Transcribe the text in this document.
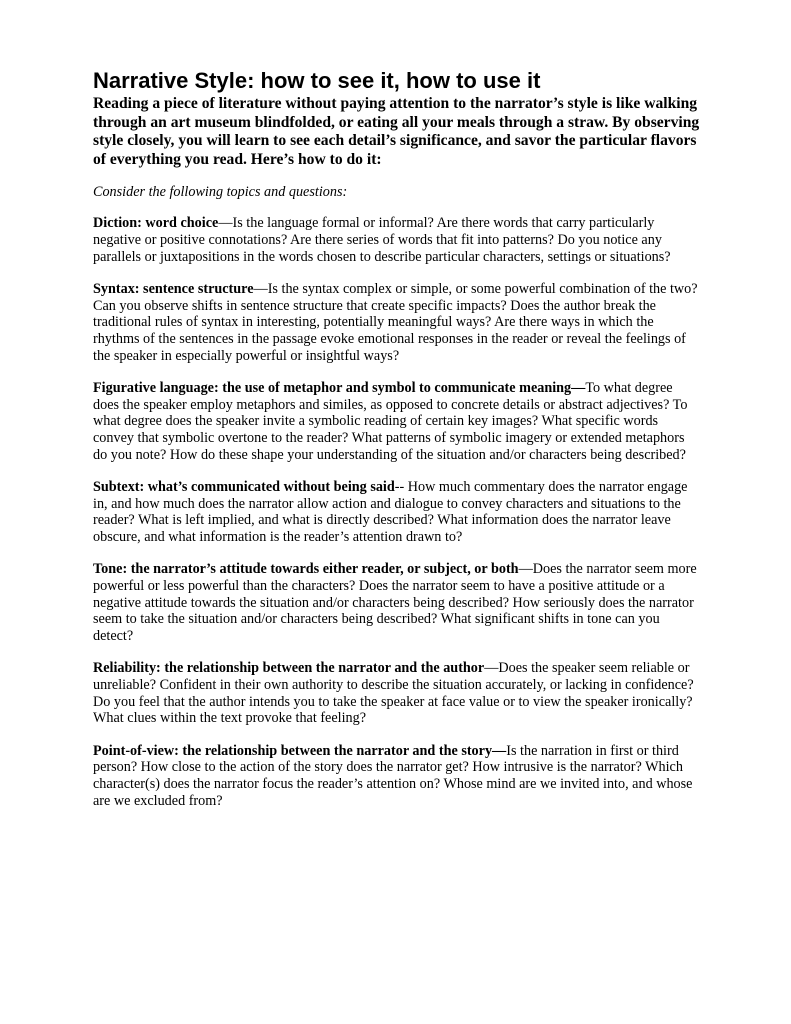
Narrative Style: how to see it, how to use it

Reading a piece of literature without paying attention to the narrator’s style is like walking through an art museum blindfolded, or eating all your meals through a straw. By observing style closely, you will learn to see each detail’s significance, and savor the particular flavors of everything you read. Here’s how to do it:

Consider the following topics and questions:

Diction: word choice—Is the language formal or informal? Are there words that carry particularly negative or positive connotations? Are there series of words that fit into patterns? Do you notice any parallels or juxtapositions in the words chosen to describe particular characters, settings or situations?

Syntax: sentence structure—Is the syntax complex or simple, or some powerful combination of the two? Can you observe shifts in sentence structure that create specific impacts? Does the author break the traditional rules of syntax in interesting, potentially meaningful ways? Are there ways in which the rhythms of the sentences in the passage evoke emotional responses in the reader or reveal the feelings of the speaker in especially powerful or insightful ways?

Figurative language: the use of metaphor and symbol to communicate meaning—To what degree does the speaker employ metaphors and similes, as opposed to concrete details or abstract adjectives? To what degree does the speaker invite a symbolic reading of certain key images? What specific words convey that symbolic overtone to the reader? What patterns of symbolic imagery or extended metaphors do you note? How do these shape your understanding of the situation and/or characters being described?

Subtext: what’s communicated without being said-- How much commentary does the narrator engage in, and how much does the narrator allow action and dialogue to convey characters and situations to the reader? What is left implied, and what is directly described? What information does the narrator leave obscure, and what information is the reader’s attention drawn to?

Tone: the narrator’s attitude towards either reader, or subject, or both—Does the narrator seem more powerful or less powerful than the characters? Does the narrator seem to have a positive attitude or a negative attitude towards the situation and/or characters being described? How seriously does the narrator seem to take the situation and/or characters being described? What significant shifts in tone can you detect?

Reliability: the relationship between the narrator and the author—Does the speaker seem reliable or unreliable? Confident in their own authority to describe the situation accurately, or lacking in confidence? Do you feel that the author intends you to take the speaker at face value or to view the speaker ironically? What clues within the text provoke that feeling?

Point-of-view: the relationship between the narrator and the story—Is the narration in first or third person? How close to the action of the story does the narrator get? How intrusive is the narrator? Which character(s) does the narrator focus the reader’s attention on? Whose mind are we invited into, and whose are we excluded from?
